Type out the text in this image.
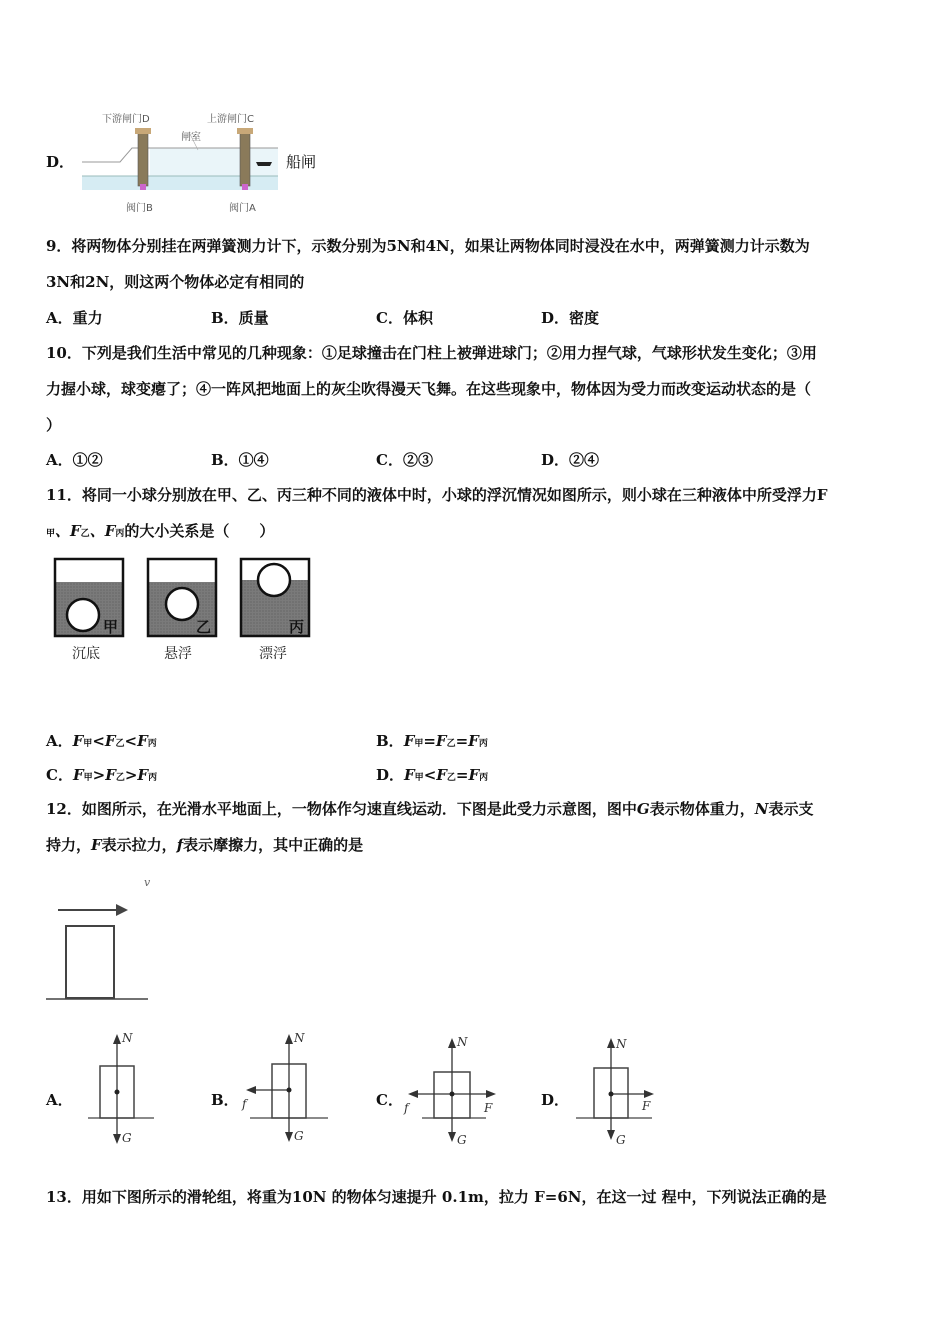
D．
下游闸门D	上游闸门C
闸室
阀门B	阀门A
船闸
9．将两物体分别挂在两弹簧测力计下，示数分别为5N和4N，如果让两物体同时浸没在水中，两弹簧测力计示数为
3N和2N，则这两个物体必定有相同的
A．重力	B．质量	C．体积	D．密度
10．下列是我们生活中常见的几种现象：①足球撞击在门柱上被弹进球门；②用力捏气球，气球形状发生变化；③用
力握小球，球变瘪了；④一阵风把地面上的灰尘吹得漫天飞舞。在这些现象中，物体因为受力而改变运动状态的是（
）
A．①②	B．①④	C．②③	D．②④
11．将同一小球分别放在甲、乙、丙三种不同的液体中时，小球的浮沉情况如图所示，则小球在三种液体中所受浮力F
甲、F乙、F丙的大小关系是（　　）
甲	乙	丙
沉底	悬浮	漂浮
A．F甲<F乙<F丙	B．F甲=F乙=F丙
C．F甲>F乙>F丙	D．F甲<F乙=F丙
12．如图所示，在光滑水平地面上，一物体作匀速直线运动．下图是此受力示意图，图中G表示物体重力，N表示支
持力，F表示拉力，f表示摩擦力，其中正确的是
v
A．	B．	C．	D．
N
G
N
G
f
N
G
f	F
N
G
F
13．用如下图所示的滑轮组，将重为10N 的物体匀速提升 0.1m，拉力 F=6N，在这一过 程中，下列说法正确的是
